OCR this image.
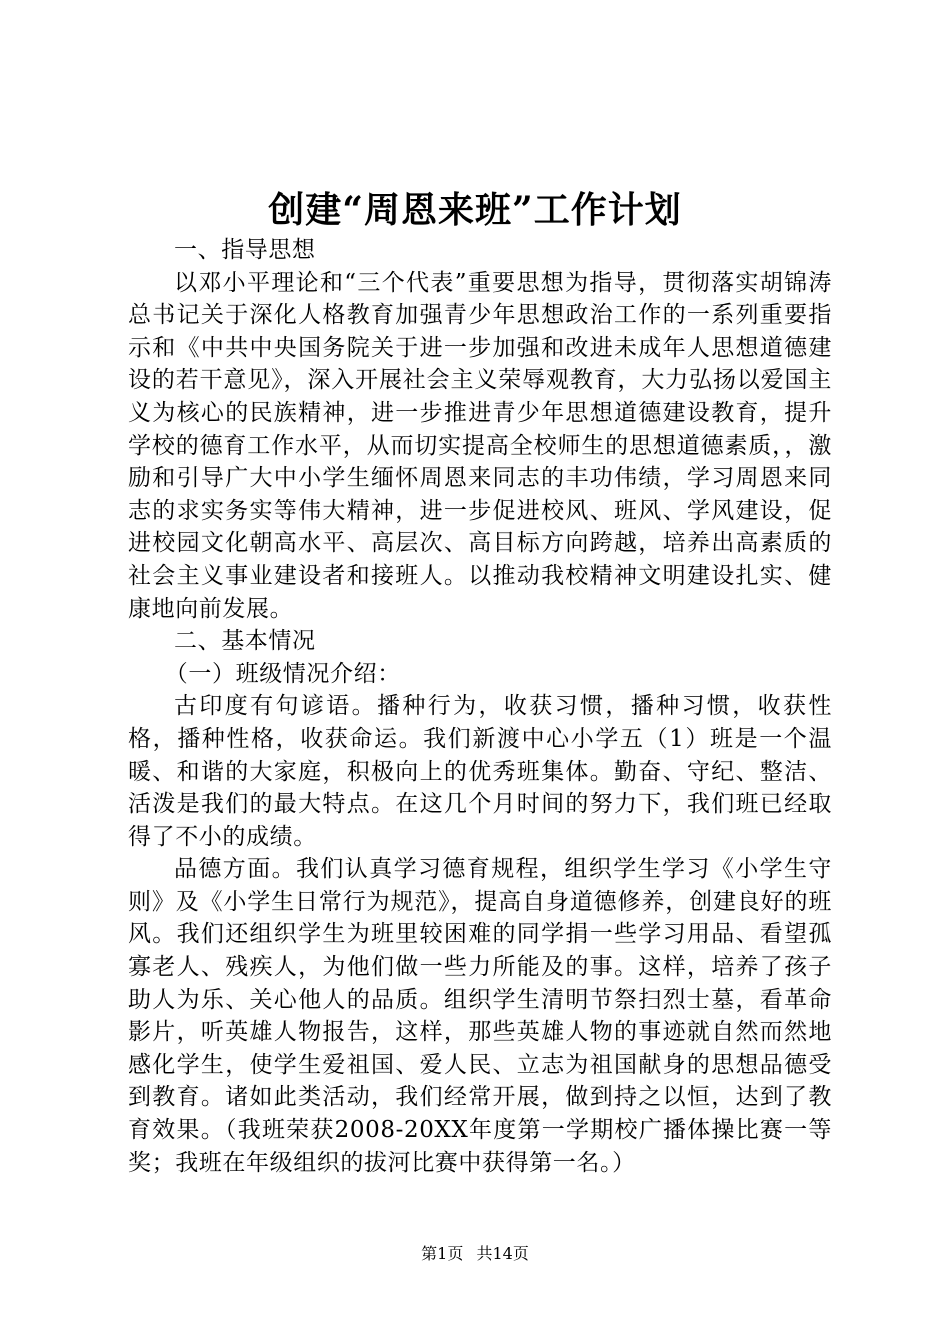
创建“周恩来班”工作计划

一、指导思想

以邓小平理论和“三个代表”重要思想为指导，贯彻落实胡锦涛总书记关于深化人格教育加强青少年思想政治工作的一系列重要指示和《中共中央国务院关于进一步加强和改进未成年人思想道德建设的若干意见》，深入开展社会主义荣辱观教育，大力弘扬以爱国主义为核心的民族精神，进一步推进青少年思想道德建设教育，提升学校的德育工作水平，从而切实提高全校师生的思想道德素质，，激励和引导广大中小学生缅怀周恩来同志的丰功伟绩，学习周恩来同志的求实务实等伟大精神，进一步促进校风、班风、学风建设，促进校园文化朝高水平、高层次、高目标方向跨越，培养出高素质的社会主义事业建设者和接班人。以推动我校精神文明建设扎实、健康地向前发展。

二、基本情况

（一）班级情况介绍：

古印度有句谚语。播种行为，收获习惯，播种习惯，收获性格，播种性格，收获命运。我们新渡中心小学五（1）班是一个温暖、和谐的大家庭，积极向上的优秀班集体。勤奋、守纪、整洁、活泼是我们的最大特点。在这几个月时间的努力下，我们班已经取得了不小的成绩。

品德方面。我们认真学习德育规程，组织学生学习《小学生守则》及《小学生日常行为规范》，提高自身道德修养，创建良好的班风。我们还组织学生为班里较困难的同学捐一些学习用品、看望孤寡老人、残疾人，为他们做一些力所能及的事。这样，培养了孩子助人为乐、关心他人的品质。组织学生清明节祭扫烈士墓，看革命影片，听英雄人物报告，这样，那些英雄人物的事迹就自然而然地感化学生，使学生爱祖国、爱人民、立志为祖国献身的思想品德受到教育。诸如此类活动，我们经常开展，做到持之以恒，达到了教育效果。（我班荣获2008-20XX年度第一学期校广播体操比赛一等奖；我班在年级组织的拔河比赛中获得第一名。）

第1页 共14页
